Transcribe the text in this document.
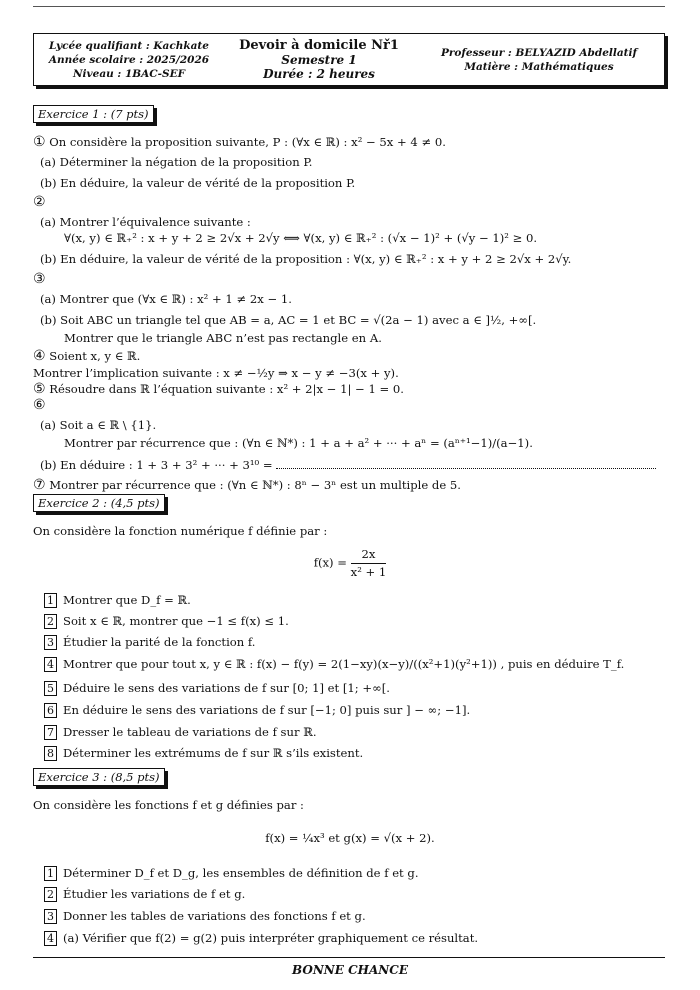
Lycée qualifiant : Kachkate
Année scolaire : 2025/2026
Niveau : 1BAC-SEF
Devoir à domicile Nř1
Semestre 1
Durée : 2 heures
Professeur : BELYAZID Abdellatif
Matière : Mathématiques
Exercice 1 : (7 pts)
① On considère la proposition suivante, P : (∀x ∈ ℝ) : x² − 5x + 4 ≠ 0.
(a) Déterminer la négation de la proposition P.
(b) En déduire, la valeur de vérité de la proposition P.
②
(a) Montrer l’équivalence suivante :
∀(x, y) ∈ ℝ₊² : x + y + 2 ≥ 2√x + 2√y ⟺ ∀(x, y) ∈ ℝ₊² : (√x − 1)² + (√y − 1)² ≥ 0.
(b) En déduire, la valeur de vérité de la proposition : ∀(x, y) ∈ ℝ₊² : x + y + 2 ≥ 2√x + 2√y.
③
(a) Montrer que (∀x ∈ ℝ) : x² + 1 ≠ 2x − 1.
(b) Soit ABC un triangle tel que AB = a, AC = 1 et BC = √(2a − 1) avec a ∈ ]½, +∞[.
Montrer que le triangle ABC n’est pas rectangle en A.
④ Soient x, y ∈ ℝ.
Montrer l’implication suivante : x ≠ −½y ⇒ x − y ≠ −3(x + y).
⑤ Résoudre dans ℝ l’équation suivante : x² + 2|x − 1| − 1 = 0.
⑥
(a) Soit a ∈ ℝ \ {1}.
Montrer par récurrence que : (∀n ∈ ℕ*) : 1 + a + a² + ··· + aⁿ = (aⁿ⁺¹−1)/(a−1).
(b) En déduire : 1 + 3 + 3² + ··· + 3¹⁰ =
⑦ Montrer par récurrence que : (∀n ∈ ℕ*) : 8ⁿ − 3ⁿ est un multiple de 5.
Exercice 2 : (4,5 pts)
On considère la fonction numérique f définie par :
$f(x) = \frac{2x}{\text{x² + 1}}$
1 Montrer que D_f = ℝ.
2 Soit x ∈ ℝ, montrer que −1 ≤ f(x) ≤ 1.
3 Étudier la parité de la fonction f.
4 Montrer que pour tout x, y ∈ ℝ : f(x) − f(y) = 2(1−xy)(x−y)/((x²+1)(y²+1)) , puis en déduire T_f.
5 Déduire le sens des variations de f sur [0; 1] et [1; +∞[.
6 En déduire le sens des variations de f sur [−1; 0] puis sur ] − ∞; −1].
7 Dresser le tableau de variations de f sur ℝ.
8 Déterminer les extrémums de f sur ℝ s’ils existent.
Exercice 3 : (8,5 pts)
On considère les fonctions f et g définies par :
f(x) = ¼x³ et g(x) = √(x + 2).
1 Déterminer D_f et D_g, les ensembles de définition de f et g.
2 Étudier les variations de f et g.
3 Donner les tables de variations des fonctions f et g.
4 (a) Vérifier que f(2) = g(2) puis interpréter graphiquement ce résultat.
BONNE CHANCE
